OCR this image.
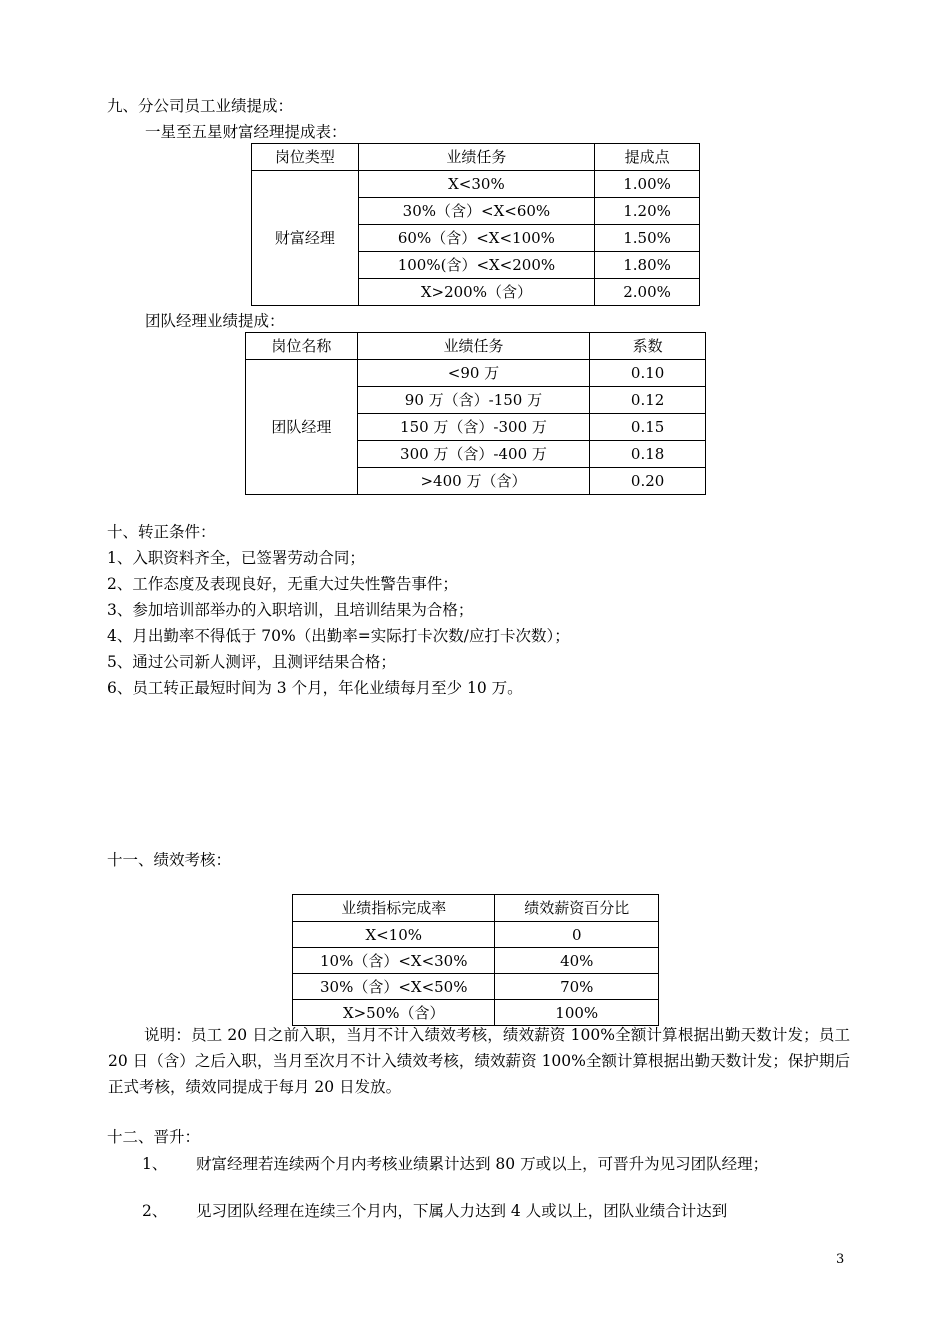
九、分公司员工业绩提成：
一星至五星财富经理提成表：
岗位类型	业绩任务	提成点
财富经理	X<30%	1.00%
	30%（含）<X<60%	1.20%
	60%（含）<X<100%	1.50%
	100%(含）<X<200%	1.80%
	X>200%（含）	2.00%
团队经理业绩提成：
岗位名称	业绩任务	系数
团队经理	<90 万	0.10
	90 万（含）-150 万	0.12
	150 万（含）-300 万	0.15
	300 万（含）-400 万	0.18
	>400 万（含）	0.20
十、转正条件：
1、入职资料齐全，已签署劳动合同；
2、工作态度及表现良好，无重大过失性警告事件；
3、参加培训部举办的入职培训，且培训结果为合格；
4、月出勤率不得低于 70%（出勤率=实际打卡次数/应打卡次数）；
5、通过公司新人测评，且测评结果合格；
6、员工转正最短时间为 3 个月，年化业绩每月至少 10 万。
十一、绩效考核：
业绩指标完成率	绩效薪资百分比
X<10%	0
10%（含）<X<30%	40%
30%（含）<X<50%	70%
X>50%（含）	100%
说明：员工 20 日之前入职，当月不计入绩效考核，绩效薪资 100%全额计算根据出勤天数计发；员工 20 日（含）之后入职，当月至次月不计入绩效考核，绩效薪资 100%全额计算根据出勤天数计发；保护期后正式考核，绩效同提成于每月 20 日发放。
十二、晋升：
1、 财富经理若连续两个月内考核业绩累计达到 80 万或以上，可晋升为见习团队经理；
2、 见习团队经理在连续三个月内，下属人力达到 4 人或以上，团队业绩合计达到
3
